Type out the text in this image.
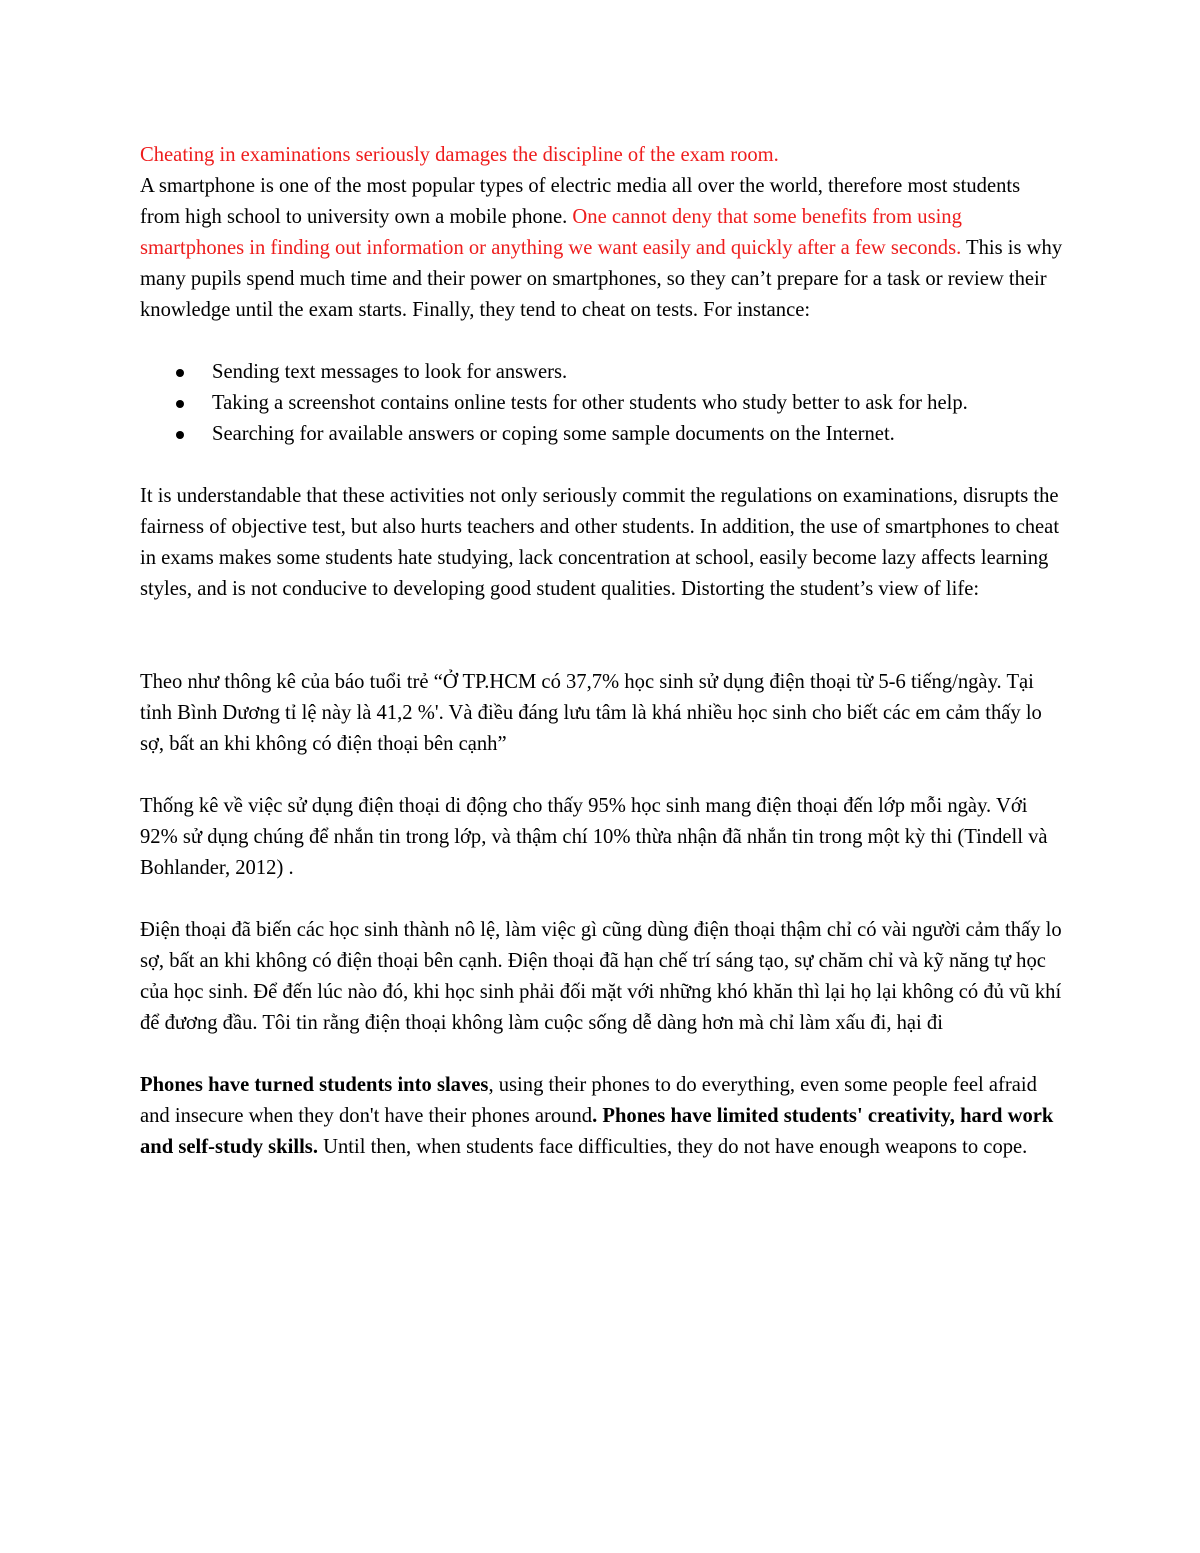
Cheating in examinations seriously damages the discipline of the exam room.

A smartphone is one of the most popular types of electric media all over the world, therefore most students from high school to university own a mobile phone. One cannot deny that some benefits from using smartphones in finding out information or anything we want easily and quickly after a few seconds. This is why many pupils spend much time and their power on smartphones, so they can’t prepare for a task or review their knowledge until the exam starts. Finally, they tend to cheat on tests. For instance:

Sending text messages to look for answers.
Taking a screenshot contains online tests for other students who study better to ask for help.
Searching for available answers or coping some sample documents on the Internet.

It is understandable that these activities not only seriously commit the regulations on examinations, disrupts the fairness of objective test, but also hurts teachers and other students. In addition, the use of smartphones to cheat in exams makes some students hate studying, lack concentration at school, easily become lazy affects learning styles, and is not conducive to developing good student qualities. Distorting the student’s view of life:

Theo như thông kê của báo tuổi trẻ “Ở TP.HCM có 37,7% học sinh sử dụng điện thoại từ 5-6 tiếng/ngày. Tại tỉnh Bình Dương tỉ lệ này là 41,2 %'. Và điều đáng lưu tâm là khá nhiều học sinh cho biết các em cảm thấy lo sợ, bất an khi không có điện thoại bên cạnh”

Thống kê về việc sử dụng điện thoại di động cho thấy 95% học sinh mang điện thoại đến lớp mỗi ngày. Với 92% sử dụng chúng để nhắn tin trong lớp, và thậm chí 10% thừa nhận đã nhắn tin trong một kỳ thi (Tindell và Bohlander, 2012) .

Điện thoại đã biến các học sinh thành nô lệ, làm việc gì cũng dùng điện thoại thậm chỉ có vài người cảm thấy lo sợ, bất an khi không có điện thoại bên cạnh. Điện thoại đã hạn chế trí sáng tạo, sự chăm chỉ và kỹ năng tự học của học sinh. Để đến lúc nào đó, khi học sinh phải đối mặt với những khó khăn thì lại họ lại không có đủ vũ khí để đương đầu. Tôi tin rằng điện thoại không làm cuộc sống dễ dàng hơn mà chỉ làm xấu đi, hại đi

Phones have turned students into slaves, using their phones to do everything, even some people feel afraid and insecure when they don't have their phones around. Phones have limited students' creativity, hard work and self-study skills. Until then, when students face difficulties, they do not have enough weapons to cope.
